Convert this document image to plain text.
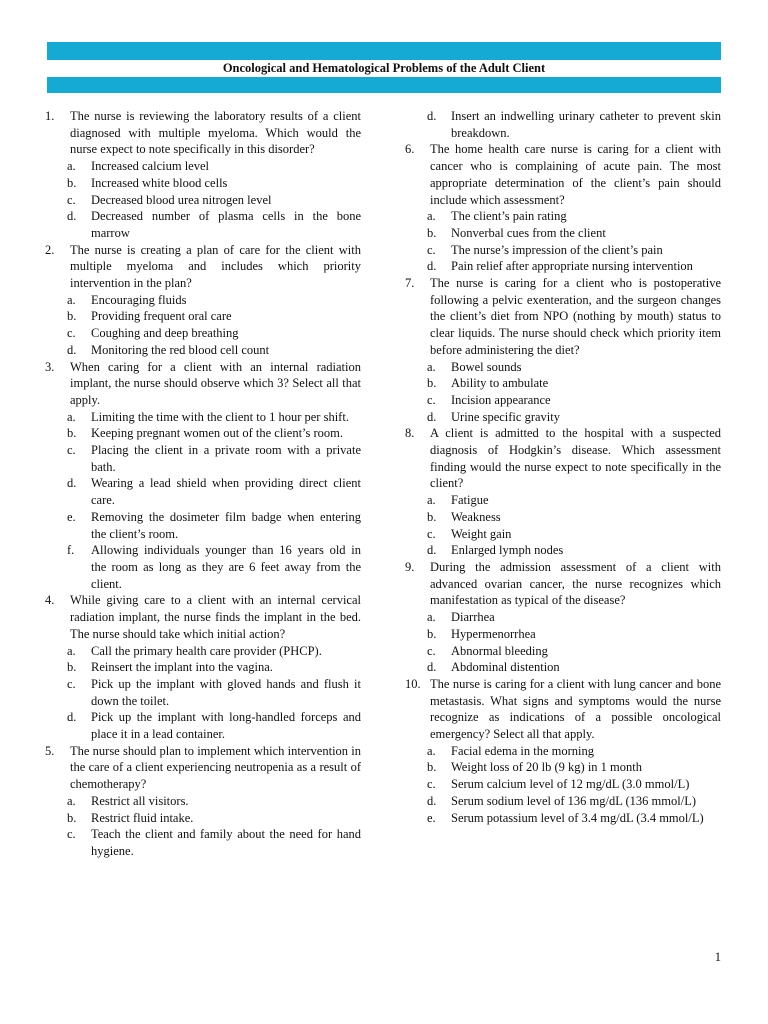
Oncological and Hematological Problems of the Adult Client
1. The nurse is reviewing the laboratory results of a client diagnosed with multiple myeloma. Which would the nurse expect to note specifically in this disorder?
a. Increased calcium level
b. Increased white blood cells
c. Decreased blood urea nitrogen level
d. Decreased number of plasma cells in the bone marrow
2. The nurse is creating a plan of care for the client with multiple myeloma and includes which priority intervention in the plan?
a. Encouraging fluids
b. Providing frequent oral care
c. Coughing and deep breathing
d. Monitoring the red blood cell count
3. When caring for a client with an internal radiation implant, the nurse should observe which 3? Select all that apply.
a. Limiting the time with the client to 1 hour per shift.
b. Keeping pregnant women out of the client’s room.
c. Placing the client in a private room with a private bath.
d. Wearing a lead shield when providing direct client care.
e. Removing the dosimeter film badge when entering the client’s room.
f. Allowing individuals younger than 16 years old in the room as long as they are 6 feet away from the client.
4. While giving care to a client with an internal cervical radiation implant, the nurse finds the implant in the bed. The nurse should take which initial action?
a. Call the primary health care provider (PHCP).
b. Reinsert the implant into the vagina.
c. Pick up the implant with gloved hands and flush it down the toilet.
d. Pick up the implant with long-handled forceps and place it in a lead container.
5. The nurse should plan to implement which intervention in the care of a client experiencing neutropenia as a result of chemotherapy?
a. Restrict all visitors.
b. Restrict fluid intake.
c. Teach the client and family about the need for hand hygiene.
d. Insert an indwelling urinary catheter to prevent skin breakdown.
6. The home health care nurse is caring for a client with cancer who is complaining of acute pain. The most appropriate determination of the client’s pain should include which assessment?
a. The client’s pain rating
b. Nonverbal cues from the client
c. The nurse’s impression of the client’s pain
d. Pain relief after appropriate nursing intervention
7. The nurse is caring for a client who is postoperative following a pelvic exenteration, and the surgeon changes the client’s diet from NPO (nothing by mouth) status to clear liquids. The nurse should check which priority item before administering the diet?
a. Bowel sounds
b. Ability to ambulate
c. Incision appearance
d. Urine specific gravity
8. A client is admitted to the hospital with a suspected diagnosis of Hodgkin’s disease. Which assessment finding would the nurse expect to note specifically in the client?
a. Fatigue
b. Weakness
c. Weight gain
d. Enlarged lymph nodes
9. During the admission assessment of a client with advanced ovarian cancer, the nurse recognizes which manifestation as typical of the disease?
a. Diarrhea
b. Hypermenorrhea
c. Abnormal bleeding
d. Abdominal distention
10. The nurse is caring for a client with lung cancer and bone metastasis. What signs and symptoms would the nurse recognize as indications of a possible oncological emergency? Select all that apply.
a. Facial edema in the morning
b. Weight loss of 20 lb (9 kg) in 1 month
c. Serum calcium level of 12 mg/dL (3.0 mmol/L)
d. Serum sodium level of 136 mg/dL (136 mmol/L)
e. Serum potassium level of 3.4 mg/dL (3.4 mmol/L)
1
